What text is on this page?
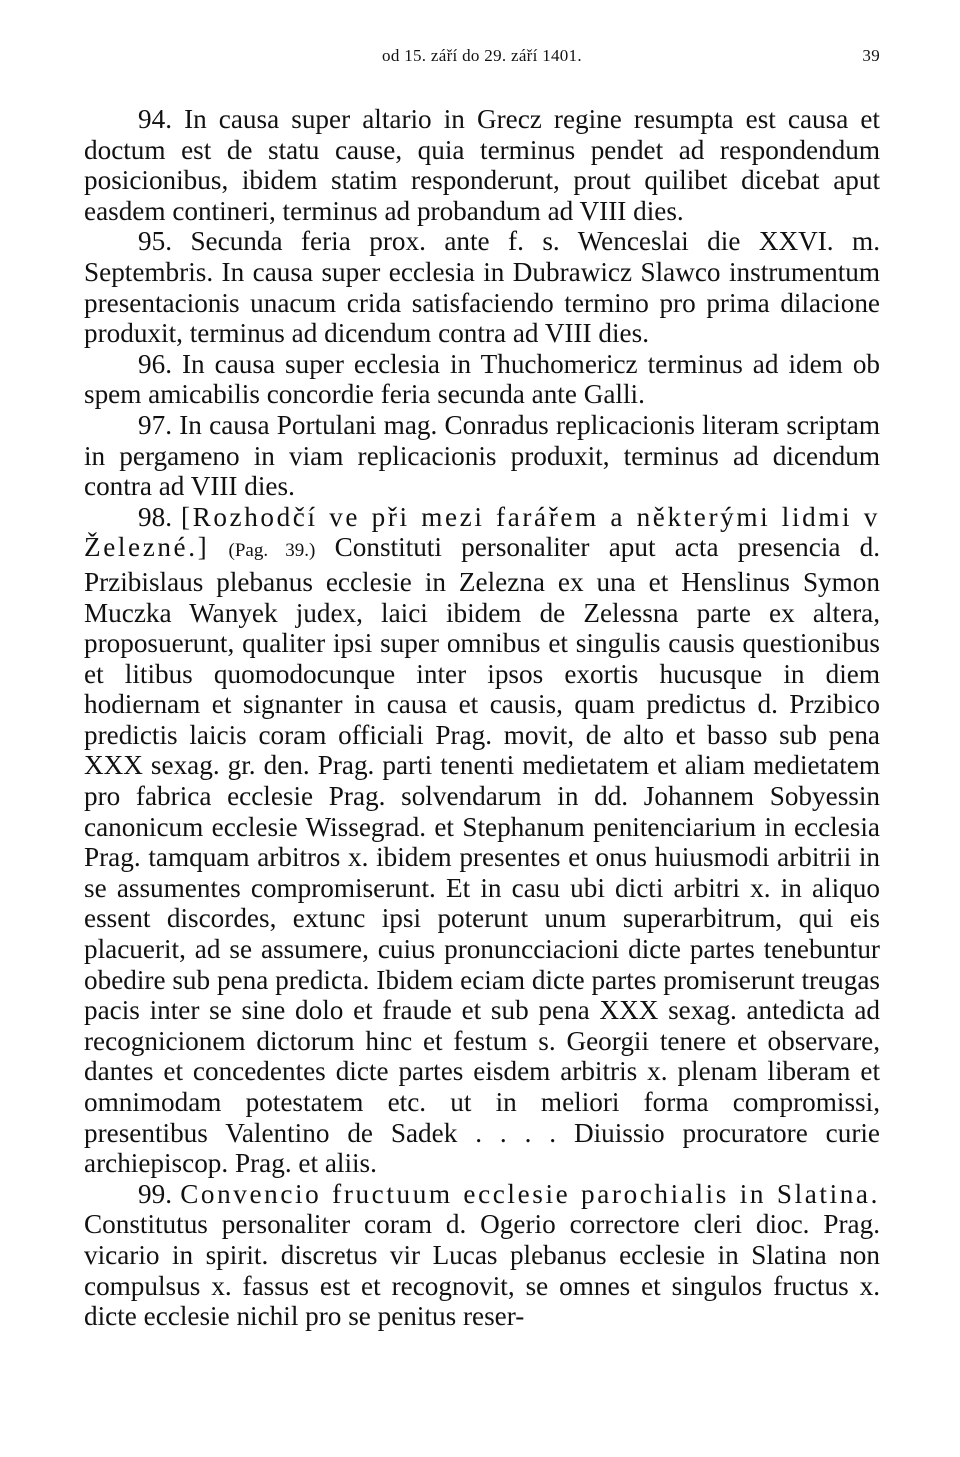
od 15. září do 29. září 1401.	39

94. In causa super altario in Grecz regine resumpta est causa et doctum est de statu cause, quia terminus pendet ad respondendum posicionibus, ibidem statim responderunt, prout quilibet dicebat aput easdem contineri, terminus ad probandum ad VIII dies.

95. Secunda feria prox. ante f. s. Wenceslai die XXVI. m. Septembris. In causa super ecclesia in Dubrawicz Slawco instrumentum presentacionis unacum crida satisfaciendo termino pro prima dilacione produxit, terminus ad dicendum contra ad VIII dies.

96. In causa super ecclesia in Thuchomericz terminus ad idem ob spem amicabilis concordie feria secunda ante Galli.

97. In causa Portulani mag. Conradus replicacionis literam scriptam in pergameno in viam replicacionis produxit, terminus ad dicendum contra ad VIII dies.

98. [Rozhodčí ve při mezi farářem a některými lidmi v Železné.] (Pag. 39.) Constituti personaliter aput acta presencia d. Przibislaus plebanus ecclesie in Zelezna ex una et Henslinus Symon Muczka Wanyek judex, laici ibidem de Zelessna parte ex altera, proposuerunt, qualiter ipsi super omnibus et singulis causis questionibus et litibus quomodocunque inter ipsos exortis hucusque in diem hodiernam et signanter in causa et causis, quam predictus d. Przibico predictis laicis coram officiali Prag. movit, de alto et basso sub pena XXX sexag. gr. den. Prag. parti tenenti medietatem et aliam medietatem pro fabrica ecclesie Prag. solvendarum in dd. Johannem Sobyessin canonicum ecclesie Wissegrad. et Stephanum penitenciarium in ecclesia Prag. tamquam arbitros x. ibidem presentes et onus huiusmodi arbitrii in se assumentes compromiserunt. Et in casu ubi dicti arbitri x. in aliquo essent discordes, extunc ipsi poterunt unum superarbitrum, qui eis placuerit, ad se assumere, cuius pronuncciacioni dicte partes tenebuntur obedire sub pena predicta. Ibidem eciam dicte partes promiserunt treugas pacis inter se sine dolo et fraude et sub pena XXX sexag. antedicta ad recognicionem dictorum hinc et festum s. Georgii tenere et observare, dantes et concedentes dicte partes eisdem arbitris x. plenam liberam et omnimodam potestatem etc. ut in meliori forma compromissi, presentibus Valentino de Sadek . . . . Diuissio procuratore curie archiepiscop. Prag. et aliis.

99. Convencio fructuum ecclesie parochialis in Slatina. Constitutus personaliter coram d. Ogerio correctore cleri dioc. Prag. vicario in spirit. discretus vir Lucas plebanus ecclesie in Slatina non compulsus x. fassus est et recognovit, se omnes et singulos fructus x. dicte ecclesie nichil pro se penitus reser-
